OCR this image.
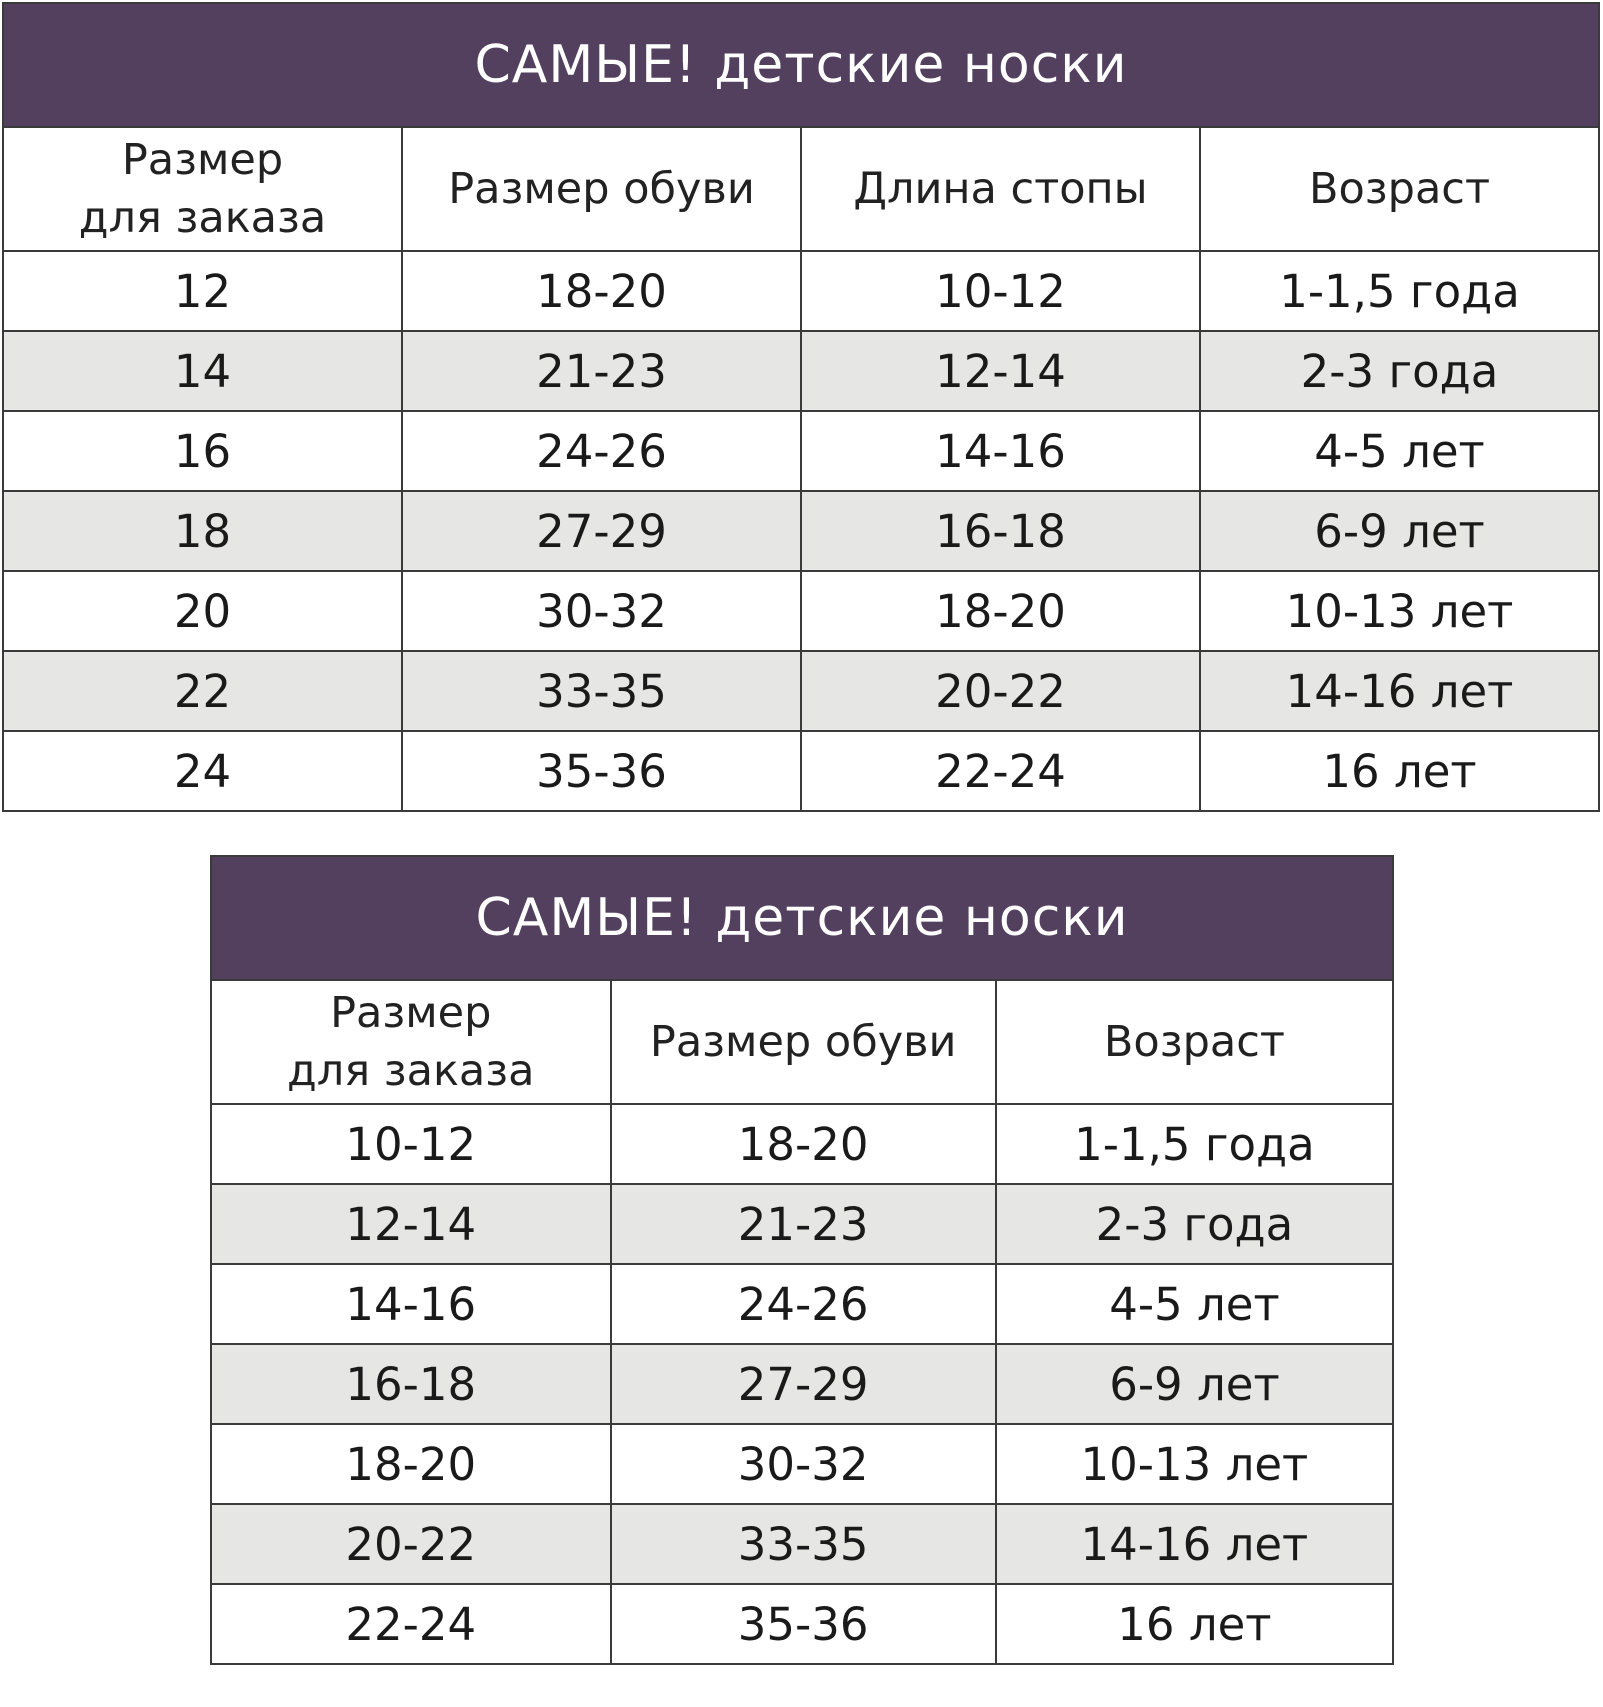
САМЫЕ! детские носки			

Размер
для заказа	Размер обуви	Длина стопы	Возраст
12	18-20	10-12	1-1,5 года
14	21-23	12-14	2-3 года
16	24-26	14-16	4-5 лет
18	27-29	16-18	6-9 лет
20	30-32	18-20	10-13 лет
22	33-35	20-22	14-16 лет
24	35-36	22-24	16 лет
САМЫЕ! детские носки		

Размер
для заказа	Размер обуви	Возраст
10-12	18-20	1-1,5 года
12-14	21-23	2-3 года
14-16	24-26	4-5 лет
16-18	27-29	6-9 лет
18-20	30-32	10-13 лет
20-22	33-35	14-16 лет
22-24	35-36	16 лет
